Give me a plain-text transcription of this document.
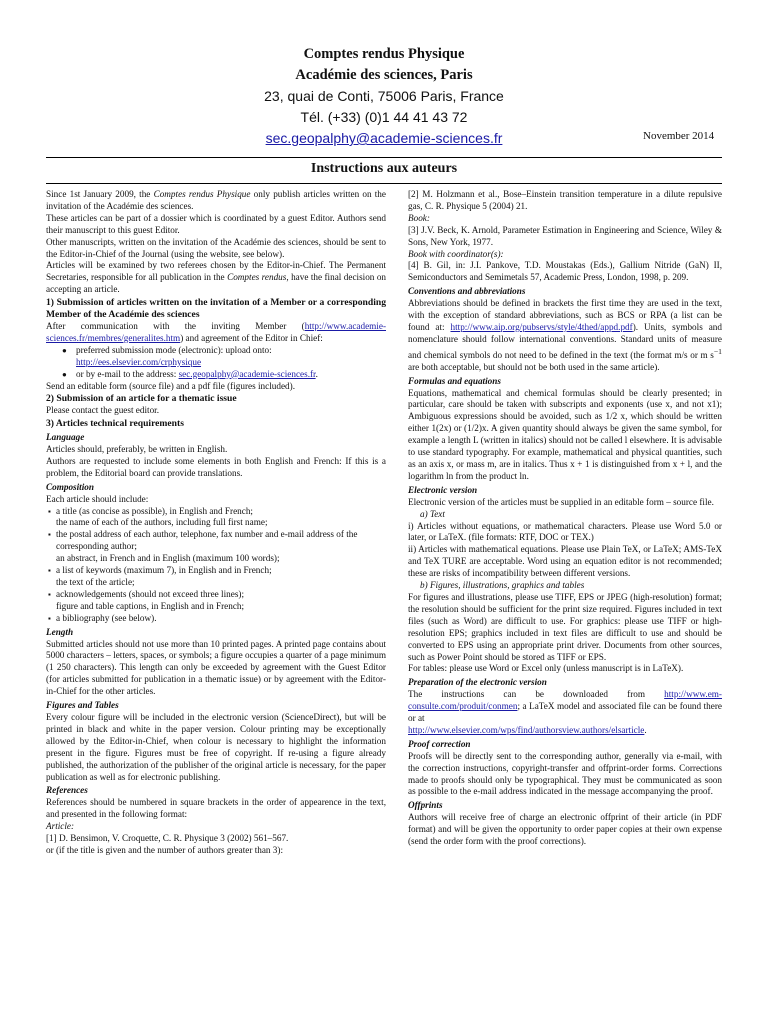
Comptes rendus Physique
Académie des sciences, Paris
23, quai de Conti, 75006 Paris, France
Tél. (+33) (0)1 44 41 43 72
sec.geopalphy@academie-sciences.fr	November 2014
Instructions aux auteurs

Since 1st January 2009, the Comptes rendus Physique only publish articles written on the invitation of the Académie des sciences.

These articles can be part of a dossier which is coordinated by a guest Editor. Authors send their manuscript to this guest Editor.

Other manuscripts, written on the invitation of the Académie des sciences, should be sent to the Editor-in-Chief of the Journal (using the website, see below).

Articles will be examined by two referees chosen by the Editor-in-Chief. The Permanent Secretaries, responsible for all publication in the Comptes rendus, have the final decision on accepting an article.

1) Submission of articles written on the invitation of a Member or a corresponding Member of the Académie des sciences

After communication with the inviting Member (http://www.academie-sciences.fr/membres/generalites.htm) and agreement of the Editor in Chief:

● preferred submission mode (electronic): upload onto:
http://ees.elsevier.com/crphysique
● or by e-mail to the address: sec.geopalphy@academie-sciences.fr.

Send an editable form (source file) and a pdf file (figures included).

2) Submission of an article for a thematic issue

Please contact the guest editor.

3) Articles technical requirements

Language

Articles should, preferably, be written in English.

Authors are requested to include some elements in both English and French: If this is a problem, the Editorial board can provide translations.

Composition

Each article should include:

▪ a title (as concise as possible), in English and French;

the name of each of the authors, including full first name;

▪ the postal address of each author, telephone, fax number and e-mail address of the corresponding author;

an abstract, in French and in English (maximum 100 words);

▪ a list of keywords (maximum 7), in English and in French;

the text of the article;

▪ acknowledgements (should not exceed three lines);

figure and table captions, in English and in French;

▪ a bibliography (see below).

Length

Submitted articles should not use more than 10 printed pages. A printed page contains about 5000 characters – letters, spaces, or symbols; a figure occupies a quarter of a page minimum (1 250 characters). This length can only be exceeded by agreement with the Guest Editor (for articles submitted for publication in a thematic issue) or by agreement with the Editor-in-Chief for the other articles.

Figures and Tables

Every colour figure will be included in the electronic version (ScienceDirect), but will be printed in black and white in the paper version. Colour printing may be exceptionally allowed by the Editor-in-Chief, when colour is necessary to highlight the information present in the figure. Figures must be free of copyright. If re-using a figure already published, the authorization of the publisher of the original article is necessary, for the paper publication as well as for electronic publishing.

References

References should be numbered in square brackets in the order of appearence in the text, and presented in the following format:

Article:

[1] D. Bensimon, V. Croquette, C. R. Physique 3 (2002) 561–567.

or (if the title is given and the number of authors greater than 3):

[2] M. Holzmann et al., Bose–Einstein transition temperature in a dilute repulsive gas, C. R. Physique 5 (2004) 21.

Book:

[3] J.V. Beck, K. Arnold, Parameter Estimation in Engineering and Science, Wiley & Sons, New York, 1977.

Book with coordinator(s):

[4] B. Gil, in: J.I. Pankove, T.D. Moustakas (Eds.), Gallium Nitride (GaN) II, Semiconductors and Semimetals 57, Academic Press, London, 1998, p. 209.

Conventions and abbreviations

Abbreviations should be defined in brackets the first time they are used in the text, with the exception of standard abbreviations, such as BCS or RPA (a list can be found at: http://www.aip.org/pubservs/style/4thed/appd.pdf). Units, symbols and nomenclature should follow international conventions. Standard units of measure and chemical symbols do not need to be defined in the text (the format m/s or m $s^{-1}$ are both acceptable, but should not be both used in the same article).

Formulas and equations

Equations, mathematical and chemical formulas should be clearly presented; in particular, care should be taken with subscripts and exponents (use x, and not x1); Ambiguous expressions should be avoided, such as 1/2 x, which should be written either 1(2x) or (1/2)x. A given quantity should always be given the same symbol, for example a length L (written in italics) should not be called l elsewhere. It is advisable to use standard typography. For example, mathematical and physical quantities, such as an axis x, or mass m, are in italics. Thus x + 1 is distinguished from x + l, and the logarithm ln from the product ln.

Electronic version

Electronic version of the articles must be supplied in an editable form – source file.

a) Text

i) Articles without equations, or mathematical characters. Please use Word 5.0 or later, or LaTeX. (file formats: RTF, DOC or TEX.)

ii) Articles with mathematical equations. Please use Plain TeX, or LaTeX; AMS-TeX and TeX TURE are acceptable. Word using an equation editor is not recommended; these are risks of incompatibility between different versions.

b) Figures, illustrations, graphics and tables

For figures and illustrations, please use TIFF, EPS or JPEG (high-resolution) format; the resolution should be sufficient for the print size required. Figures included in text files (such as Word) are difficult to use. For graphics: please use TIFF or high-resolution EPS; graphics included in text files are difficult to use and should be converted to EPS using an appropriate print driver. Documents from other sources, such as Power Point should be stored as TIFF or EPS.

For tables: please use Word or Excel only (unless manuscript is in LaTeX).

Preparation of the electronic version

The instructions can be downloaded from http://www.em-consulte.com/produit/conmen; a LaTeX model and associated file can be found there or at
http://www.elsevier.com/wps/find/authorsview.authors/elsarticle.

Proof correction

Proofs will be directly sent to the corresponding author, generally via e-mail, with the correction instructions, copyright-transfer and offprint-order forms. Corrections made to proofs should only be typographical. They must be communicated as soon as possible to the e-mail address indicated in the message accompanying the proof.

Offprints

Authors will receive free of charge an electronic offprint of their article (in PDF format) and will be given the opportunity to order paper copies at their own expense (send the order form with the proof corrections).
